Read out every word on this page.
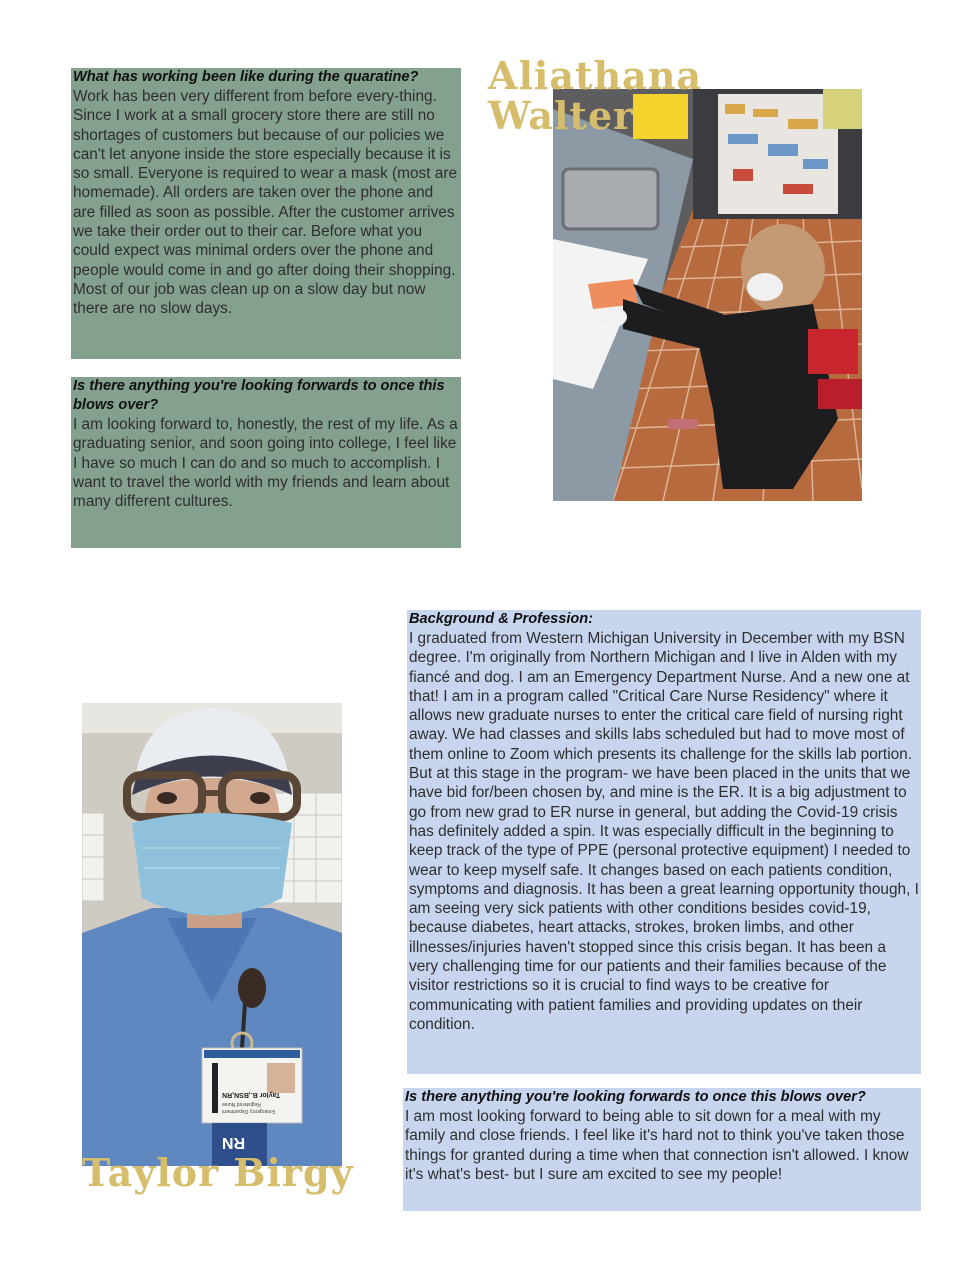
What has working been like during the quaratine?
Work has been very different from before every-thing. Since I work at a small grocery store there are still no shortages of customers but because of our policies we can't let anyone inside the store especially because it is so small. Everyone is required to wear a mask (most are homemade). All orders are taken over the phone and are filled as soon as possible. After the customer arrives we take their order out to their car. Before what you could expect was minimal orders over the phone and people would come in and go after doing their shopping. Most of our job was clean up on a slow day but now there are no slow days.
Is there anything you're looking forwards to once this blows over?
I am looking forward to, honestly, the rest of my life. As a graduating senior, and soon going into college, I feel like I have so much I can do and so much to accomplish. I want to travel the world with my friends and learn about many different cultures.
Aliathana
Walter
Background & Profession:
I graduated from Western Michigan University in December with my BSN degree. I'm originally from Northern Michigan and I live in Alden with my fiancé and dog. I am an Emergency Department Nurse. And a new one at that! I am in a program called "Critical Care Nurse Residency" where it allows new graduate nurses to enter the critical care field of nursing right away. We had classes and skills labs scheduled but had to move most of them online to Zoom which presents its challenge for the skills lab portion. But at this stage in the program- we have been placed in the units that we have bid for/been chosen by, and mine is the ER. It is a big adjustment to go from new grad to ER nurse in general, but adding the Covid-19 crisis has definitely added a spin. It was especially difficult in the beginning to keep track of the type of PPE (personal protective equipment) I needed to wear to keep myself safe. It changes based on each patients condition, symptoms and diagnosis. It has been a great learning opportunity though, I am seeing very sick patients with other conditions besides covid-19, because diabetes, heart attacks, strokes, broken limbs, and other illnesses/injuries haven't stopped since this crisis began. It has been a very challenging time for our patients and their families because of the visitor restrictions so it is crucial to find ways to be creative for communicating with patient families and providing updates on their condition.
Is there anything you're looking forwards to once this blows over?
I am most looking forward to being able to sit down for a meal with my family and close friends. I feel like it's hard not to think you've taken those things for granted during a time when that connection isn't allowed. I know it's what's best- but I sure am excited to see my people!
Taylor B.,BSN,RN
Registered Nurse
Emergency Department
RN
Taylor Birgy
